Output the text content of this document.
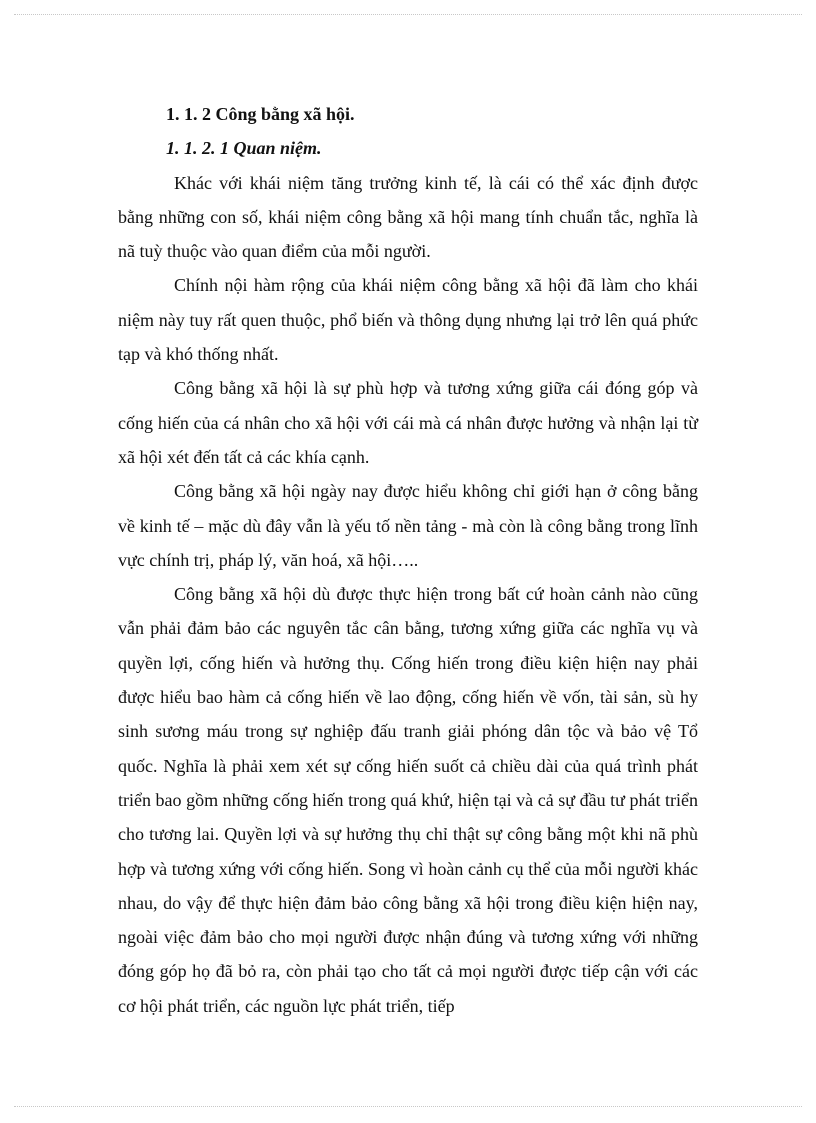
1. 1. 2 Công bằng xã hội.

1. 1. 2. 1 Quan niệm.

Khác với khái niệm tăng trưởng kinh tế, là cái có thể xác định được bằng những con số, khái niệm công bằng xã hội mang tính chuẩn tắc, nghĩa là nã tuỳ thuộc vào quan điểm của mỗi người.

Chính nội hàm rộng của khái niệm công bằng xã hội đã làm cho khái niệm này tuy rất quen thuộc, phổ biến và thông dụng nhưng lại trở lên quá phức tạp và khó thống nhất.

Công bằng xã hội là sự phù hợp và tương xứng giữa cái đóng góp và cống hiến của cá nhân cho xã hội với cái mà cá nhân được hưởng và nhận lại từ xã hội xét đến tất cả các khía cạnh.

Công bằng xã hội ngày nay được hiểu không chỉ giới hạn ở công bằng về kinh tế – mặc dù đây vẫn là yếu tố nền tảng - mà còn là công bằng trong lĩnh vực chính trị, pháp lý, văn hoá, xã hội…..

Công bằng xã hội dù được thực hiện trong bất cứ hoàn cảnh nào cũng vẫn phải đảm bảo các nguyên tắc cân bằng, tương xứng giữa các nghĩa vụ và quyền lợi, cống hiến và hưởng thụ. Cống hiến trong điều kiện hiện nay phải được hiểu bao hàm cả cống hiến về lao động, cống hiến về vốn, tài sản, sù hy sinh sương máu trong sự nghiệp đấu tranh giải phóng dân tộc và bảo vệ Tổ quốc. Nghĩa là phải xem xét sự cống hiến suốt cả chiều dài của quá trình phát triển bao gồm những cống hiến trong quá khứ, hiện tại và cả sự đầu tư phát triển cho tương lai. Quyền lợi và sự hưởng thụ chỉ thật sự công bằng một khi nã phù hợp và tương xứng với cống hiến. Song vì hoàn cảnh cụ thể của mỗi người khác nhau, do vậy để thực hiện đảm bảo công bằng xã hội trong điều kiện hiện nay, ngoài việc đảm bảo cho mọi người được nhận đúng và tương xứng với những đóng góp họ đã bỏ ra, còn phải tạo cho tất cả mọi người được tiếp cận với các cơ hội phát triển, các nguồn lực phát triển, tiếp
